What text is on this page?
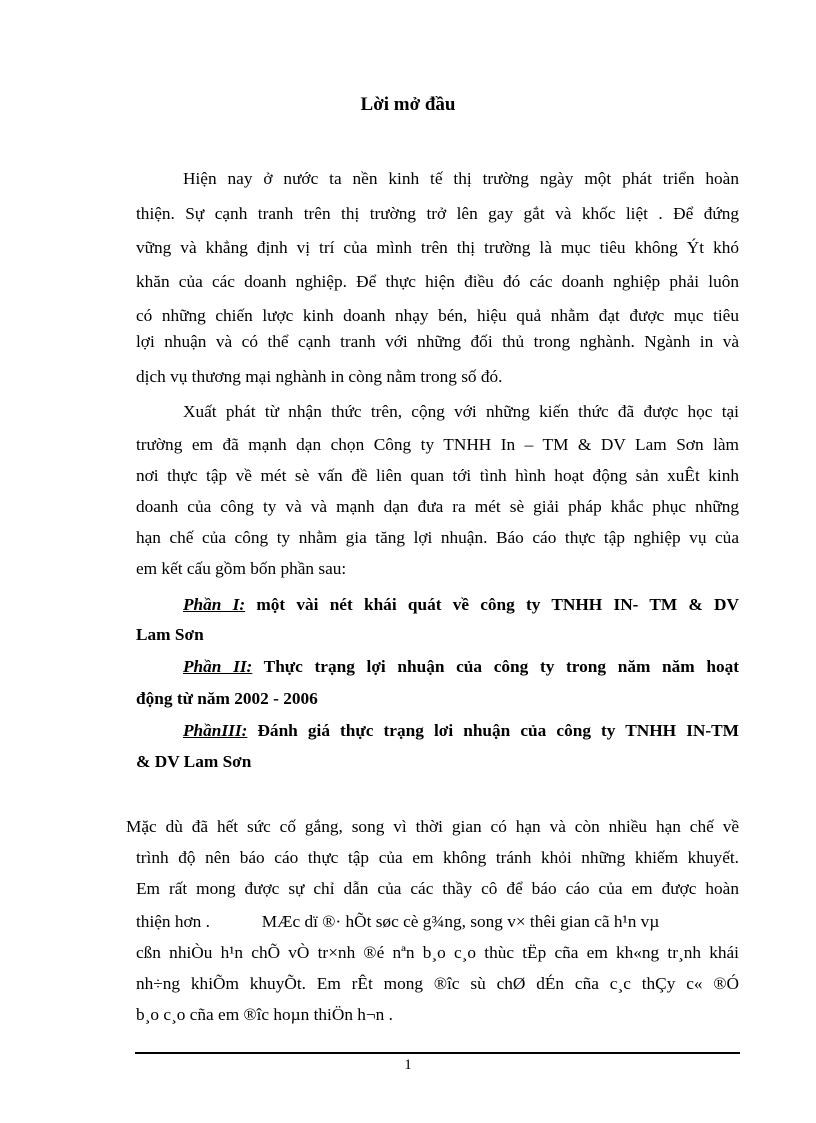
Lời mở đầu
Hiện nay ở nước ta nền kinh tế thị trường ngày một phát triển hoàn
thiện. Sự cạnh tranh trên thị trường trở lên gay gắt và khốc liệt . Để đứng
vững và khẳng định vị trí của mình trên thị trường là mục tiêu không Ýt khó
khăn của các doanh nghiệp. Để thực hiện điều đó các doanh nghiệp phải luôn
có những chiến lược kinh doanh nhạy bén, hiệu quả nhằm đạt được mục tiêu
lợi nhuận và có thể cạnh tranh với những đối thủ trong nghành. Ngành in và
dịch vụ thương mại nghành in còng nằm trong số đó.
Xuất phát từ nhận thức trên, cộng với những kiến thức đã được học tại
trường em đã mạnh dạn chọn Công ty TNHH In – TM & DV Lam Sơn làm
nơi thực tập về mét sè vấn đề liên quan tới tình hình hoạt động sản xuÊt kinh
doanh của công ty và và mạnh dạn đưa ra mét sè giải pháp khắc phục những
hạn chế của công ty nhằm gia tăng lợi nhuận. Báo cáo thực tập nghiệp vụ của
em kết cấu gồm bốn phần sau:
Phần I: một vài nét khái quát về công ty TNHH IN- TM & DV
Lam Sơn
Phần II: Thực trạng lợi nhuận của công ty trong năm năm hoạt
động từ năm 2002 - 2006
PhầnIII: Đánh giá thực trạng lơi nhuận của công ty TNHH IN-TM
& DV Lam Sơn
Mặc dù đã hết sức cố gắng, song vì thời gian có hạn và còn nhiều hạn chế về
trình độ nên báo cáo thực tập của em không tránh khỏi những khiếm khuyết.
Em rất mong được sự chỉ dẫn của các thầy cô để báo cáo của em được hoàn
thiện hơn .            MÆc dï ®· hÕt søc cè g¾ng, song v× thêi gian cã h¹n vµ
cßn nhiÒu h¹n chÕ vÒ tr×nh ®é nªn b¸o c¸o thùc tËp cña em kh«ng tr¸nh khái
nh÷ng khiÕm khuyÕt. Em rÊt mong ®îc sù chØ dÉn cña c¸c thÇy c« ®Ó
b¸o c¸o cña em ®îc hoµn thiÖn h¬n .
1
